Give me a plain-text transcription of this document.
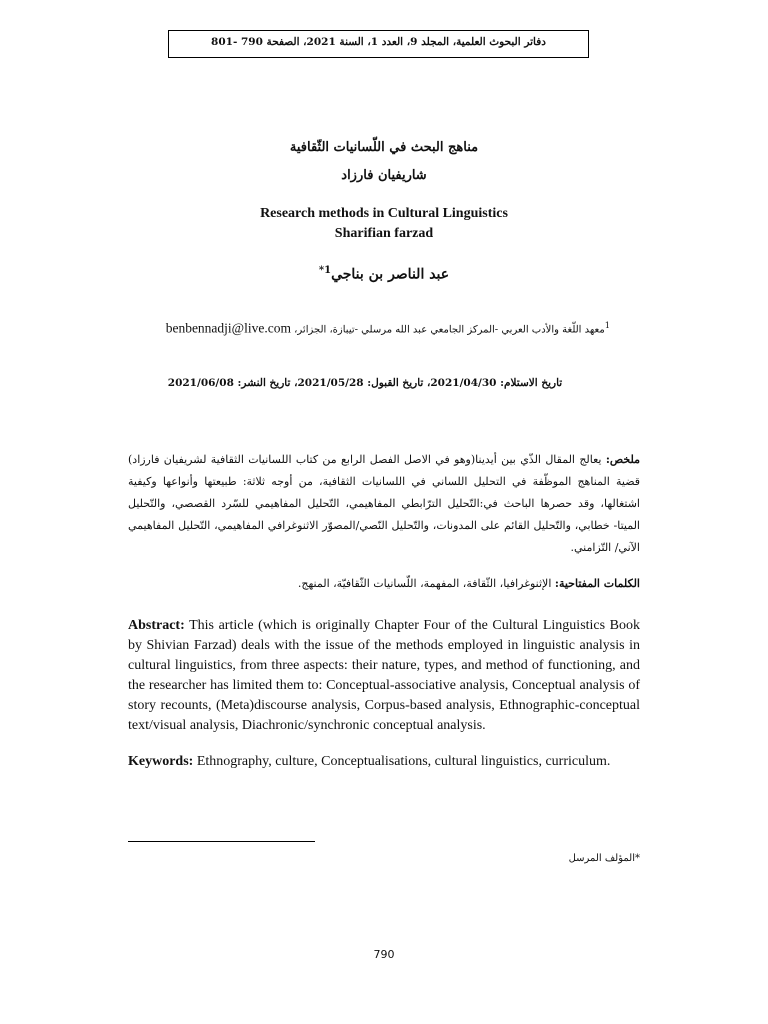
دفاتر البحوث العلمية، المجلد 9، العدد 1، السنة 2021، الصفحة 790 -801
مناهج البحث في اللّسانيات الثّقافية
شاريفيان فارزاد
Research methods in Cultural Linguistics
Sharifian farzad
عبد الناصر بن بناجي$^{1*}$
$^1$معهد اللّغة والأدب العربي -المركز الجامعي عبد الله مرسلي -تيبازة، الجزائر، benbennadji@live.com
تاريخ الاستلام: 2021/04/30، تاريخ القبول: 2021/05/28، تاريخ النشر: 2021/06/08
ملخص: يعالج المقال الذّي بين أيدينا(وهو في الاصل الفصل الرابع من كتاب اللسانيات الثقافية لشريفيان فارزاد) قضية المناهج الموظّفة في التحليل اللساني في اللسانيات الثقافية، من أوجه ثلاثة: طبيعتها وأنواعها وكيفية اشتغالها، وقد حصرها الباحث في:التّحليل الترّابطي المفاهيمي، التّحليل المفاهيمي للسّرد القصصي، والتّحليل الميتا- خطابي، والتّحليل القائم على المدونات، والتّحليل النّصي/المصوّر الاثنوغرافي المفاهيمي، التّحليل المفاهيمي الآني/ التّزامني.
الكلمات المفتاحية: الإثنوغرافيا، الثّقافة، المفهمة، اللّسانيات الثّقافيّة، المنهج.
Abstract: This article (which is originally Chapter Four of the Cultural Linguistics Book by Shivian Farzad) deals with the issue of the methods employed in linguistic analysis in cultural linguistics, from three aspects: their nature, types, and method of functioning, and the researcher has limited them to: Conceptual-associative analysis, Conceptual analysis of story recounts, (Meta)discourse analysis, Corpus-based analysis, Ethnographic-conceptual text/visual analysis, Diachronic/synchronic conceptual analysis.
Keywords: Ethnography, culture, Conceptualisations, cultural linguistics, curriculum.
*المؤلف المرسل
790
